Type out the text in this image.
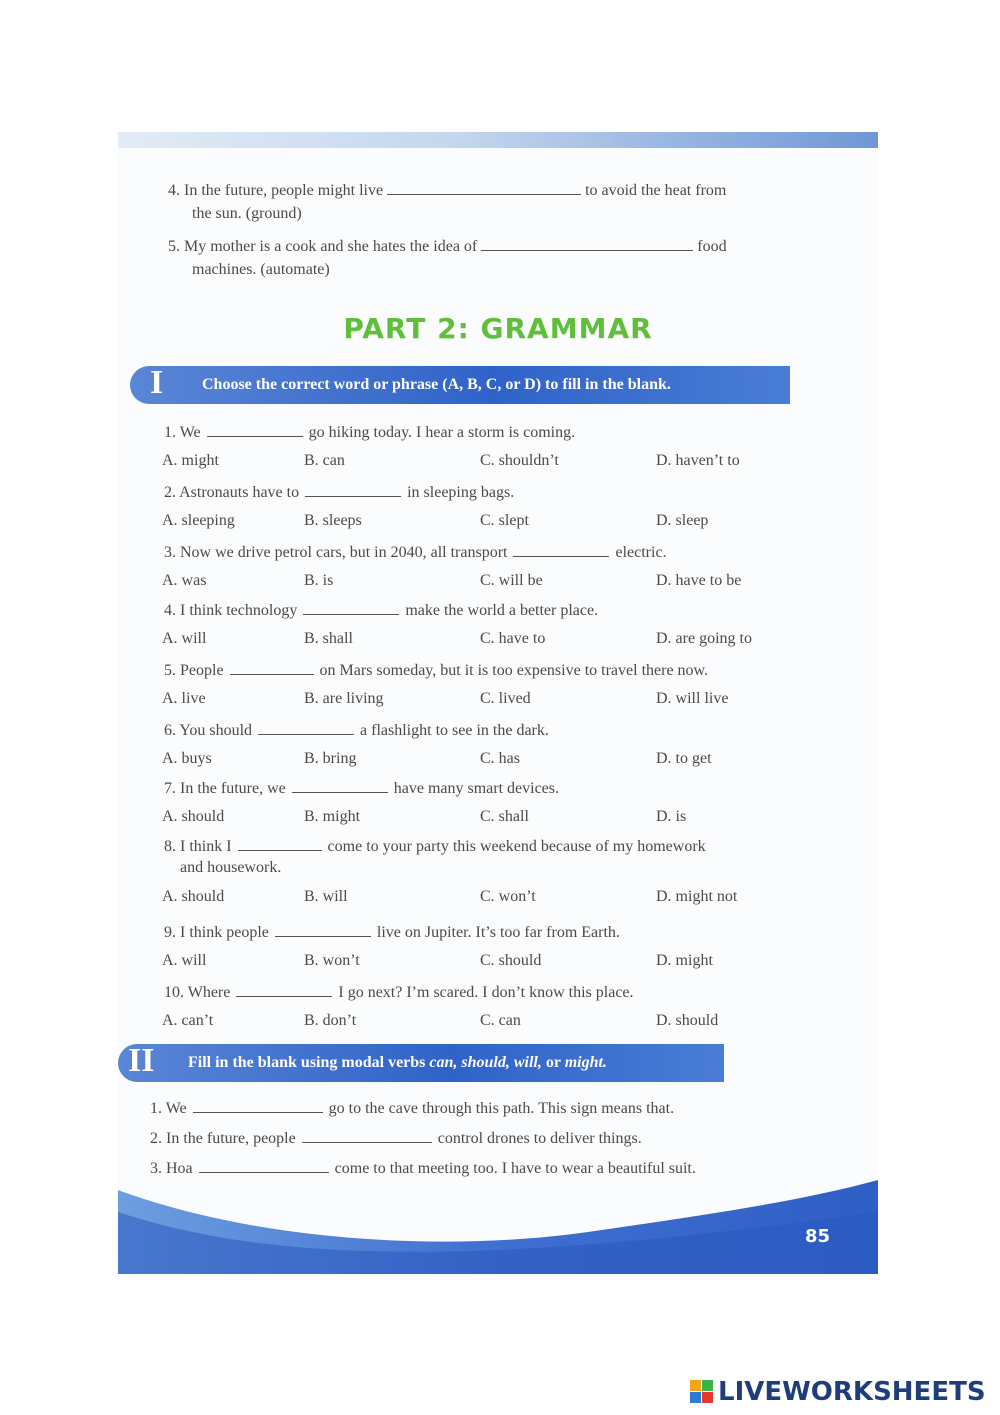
4. In the future, people might live	to avoid the heat from
the sun. (ground)
5. My mother is a cook and she hates the idea of	food
machines. (automate)
PART 2: GRAMMAR
I Choose the correct word or phrase (A, B, C, or D) to fill in the blank.
1. We	go hiking today. I hear a storm is coming.
A. might	B. can	C. shouldn’t	D. haven’t to
2. Astronauts have to	in sleeping bags.
A. sleeping	B. sleeps	C. slept	D. sleep
3. Now we drive petrol cars, but in 2040, all transport	electric.
A. was	B. is	C. will be	D. have to be
4. I think technology	make the world a better place.
A. will	B. shall	C. have to	D. are going to
5. People	on Mars someday, but it is too expensive to travel there now.
A. live	B. are living	C. lived	D. will live
6. You should	a flashlight to see in the dark.
A. buys	B. bring	C. has	D. to get
7. In the future, we	have many smart devices.
A. should	B. might	C. shall	D. is
8. I think I	come to your party this weekend because of my homework
and housework.
A. should	B. will	C. won’t	D. might not
9. I think people	live on Jupiter. It’s too far from Earth.
A. will	B. won’t	C. should	D. might
10. Where	I go next? I’m scared. I don’t know this place.
A. can’t	B. don’t	C. can	D. should
II Fill in the blank using modal verbs can, should, will, or might.
1. We	go to the cave through this path. This sign means that.
2. In the future, people	control drones to deliver things.
3. Hoa	come to that meeting too. I have to wear a beautiful suit.
85
LIVEWORKSHEETS
